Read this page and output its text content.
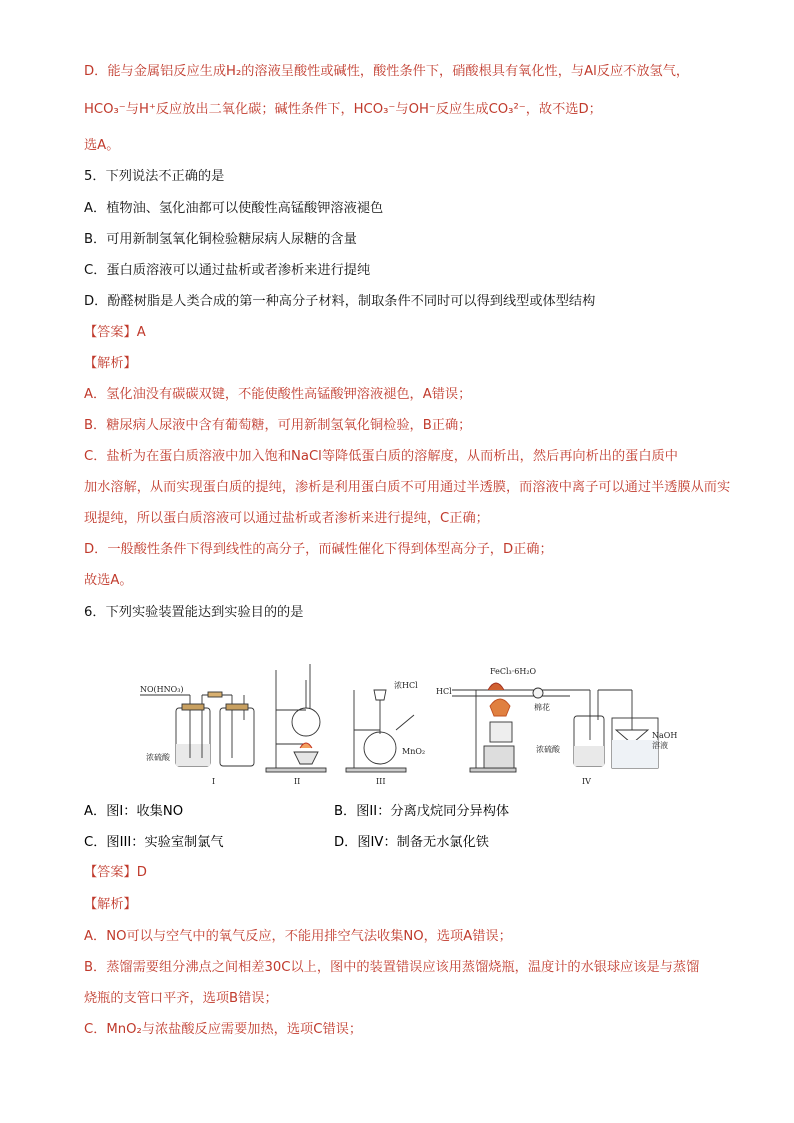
D．能与金属铝反应生成H₂的溶液呈酸性或碱性，酸性条件下，硝酸根具有氧化性，与Al反应不放氢气，
HCO₃⁻与H⁺反应放出二氧化碳；碱性条件下，HCO₃⁻与OH⁻反应生成CO₃²⁻，故不选D；
选A。
5．下列说法不正确的是
A．植物油、氢化油都可以使酸性高锰酸钾溶液褪色
B．可用新制氢氧化铜检验糖尿病人尿糖的含量
C．蛋白质溶液可以通过盐析或者渗析来进行提纯
D．酚醛树脂是人类合成的第一种高分子材料，制取条件不同时可以得到线型或体型结构
【答案】A
【解析】
A．氢化油没有碳碳双键，不能使酸性高锰酸钾溶液褪色，A错误；
B．糖尿病人尿液中含有葡萄糖，可用新制氢氧化铜检验，B正确；
C．盐析为在蛋白质溶液中加入饱和NaCl等降低蛋白质的溶解度，从而析出，然后再向析出的蛋白质中
加水溶解，从而实现蛋白质的提纯，渗析是利用蛋白质不可用通过半透膜，而溶液中离子可以通过半透膜从而实
现提纯，所以蛋白质溶液可以通过盐析或者渗析来进行提纯，C正确；
D．一般酸性条件下得到线性的高分子，而碱性催化下得到体型高分子，D正确；
故选A。
6．下列实验装置能达到实验目的的是
NO(HNO₃)
浓硫酸
I	II
浓HCl
MnO₂
III
FeCl₃·6H₂O
HCl
棉花
浓硫酸
NaOH
溶液
IV
A．图I：收集NO	B．图II：分离戊烷同分异构体
C．图III：实验室制氯气	D．图IV：制备无水氯化铁
【答案】D
【解析】
A．NO可以与空气中的氧气反应，不能用排空气法收集NO，选项A错误；
B．蒸馏需要组分沸点之间相差30C以上，图中的装置错误应该用蒸馏烧瓶，温度计的水银球应该是与蒸馏
烧瓶的支管口平齐，选项B错误；
C．MnO₂与浓盐酸反应需要加热，选项C错误；
